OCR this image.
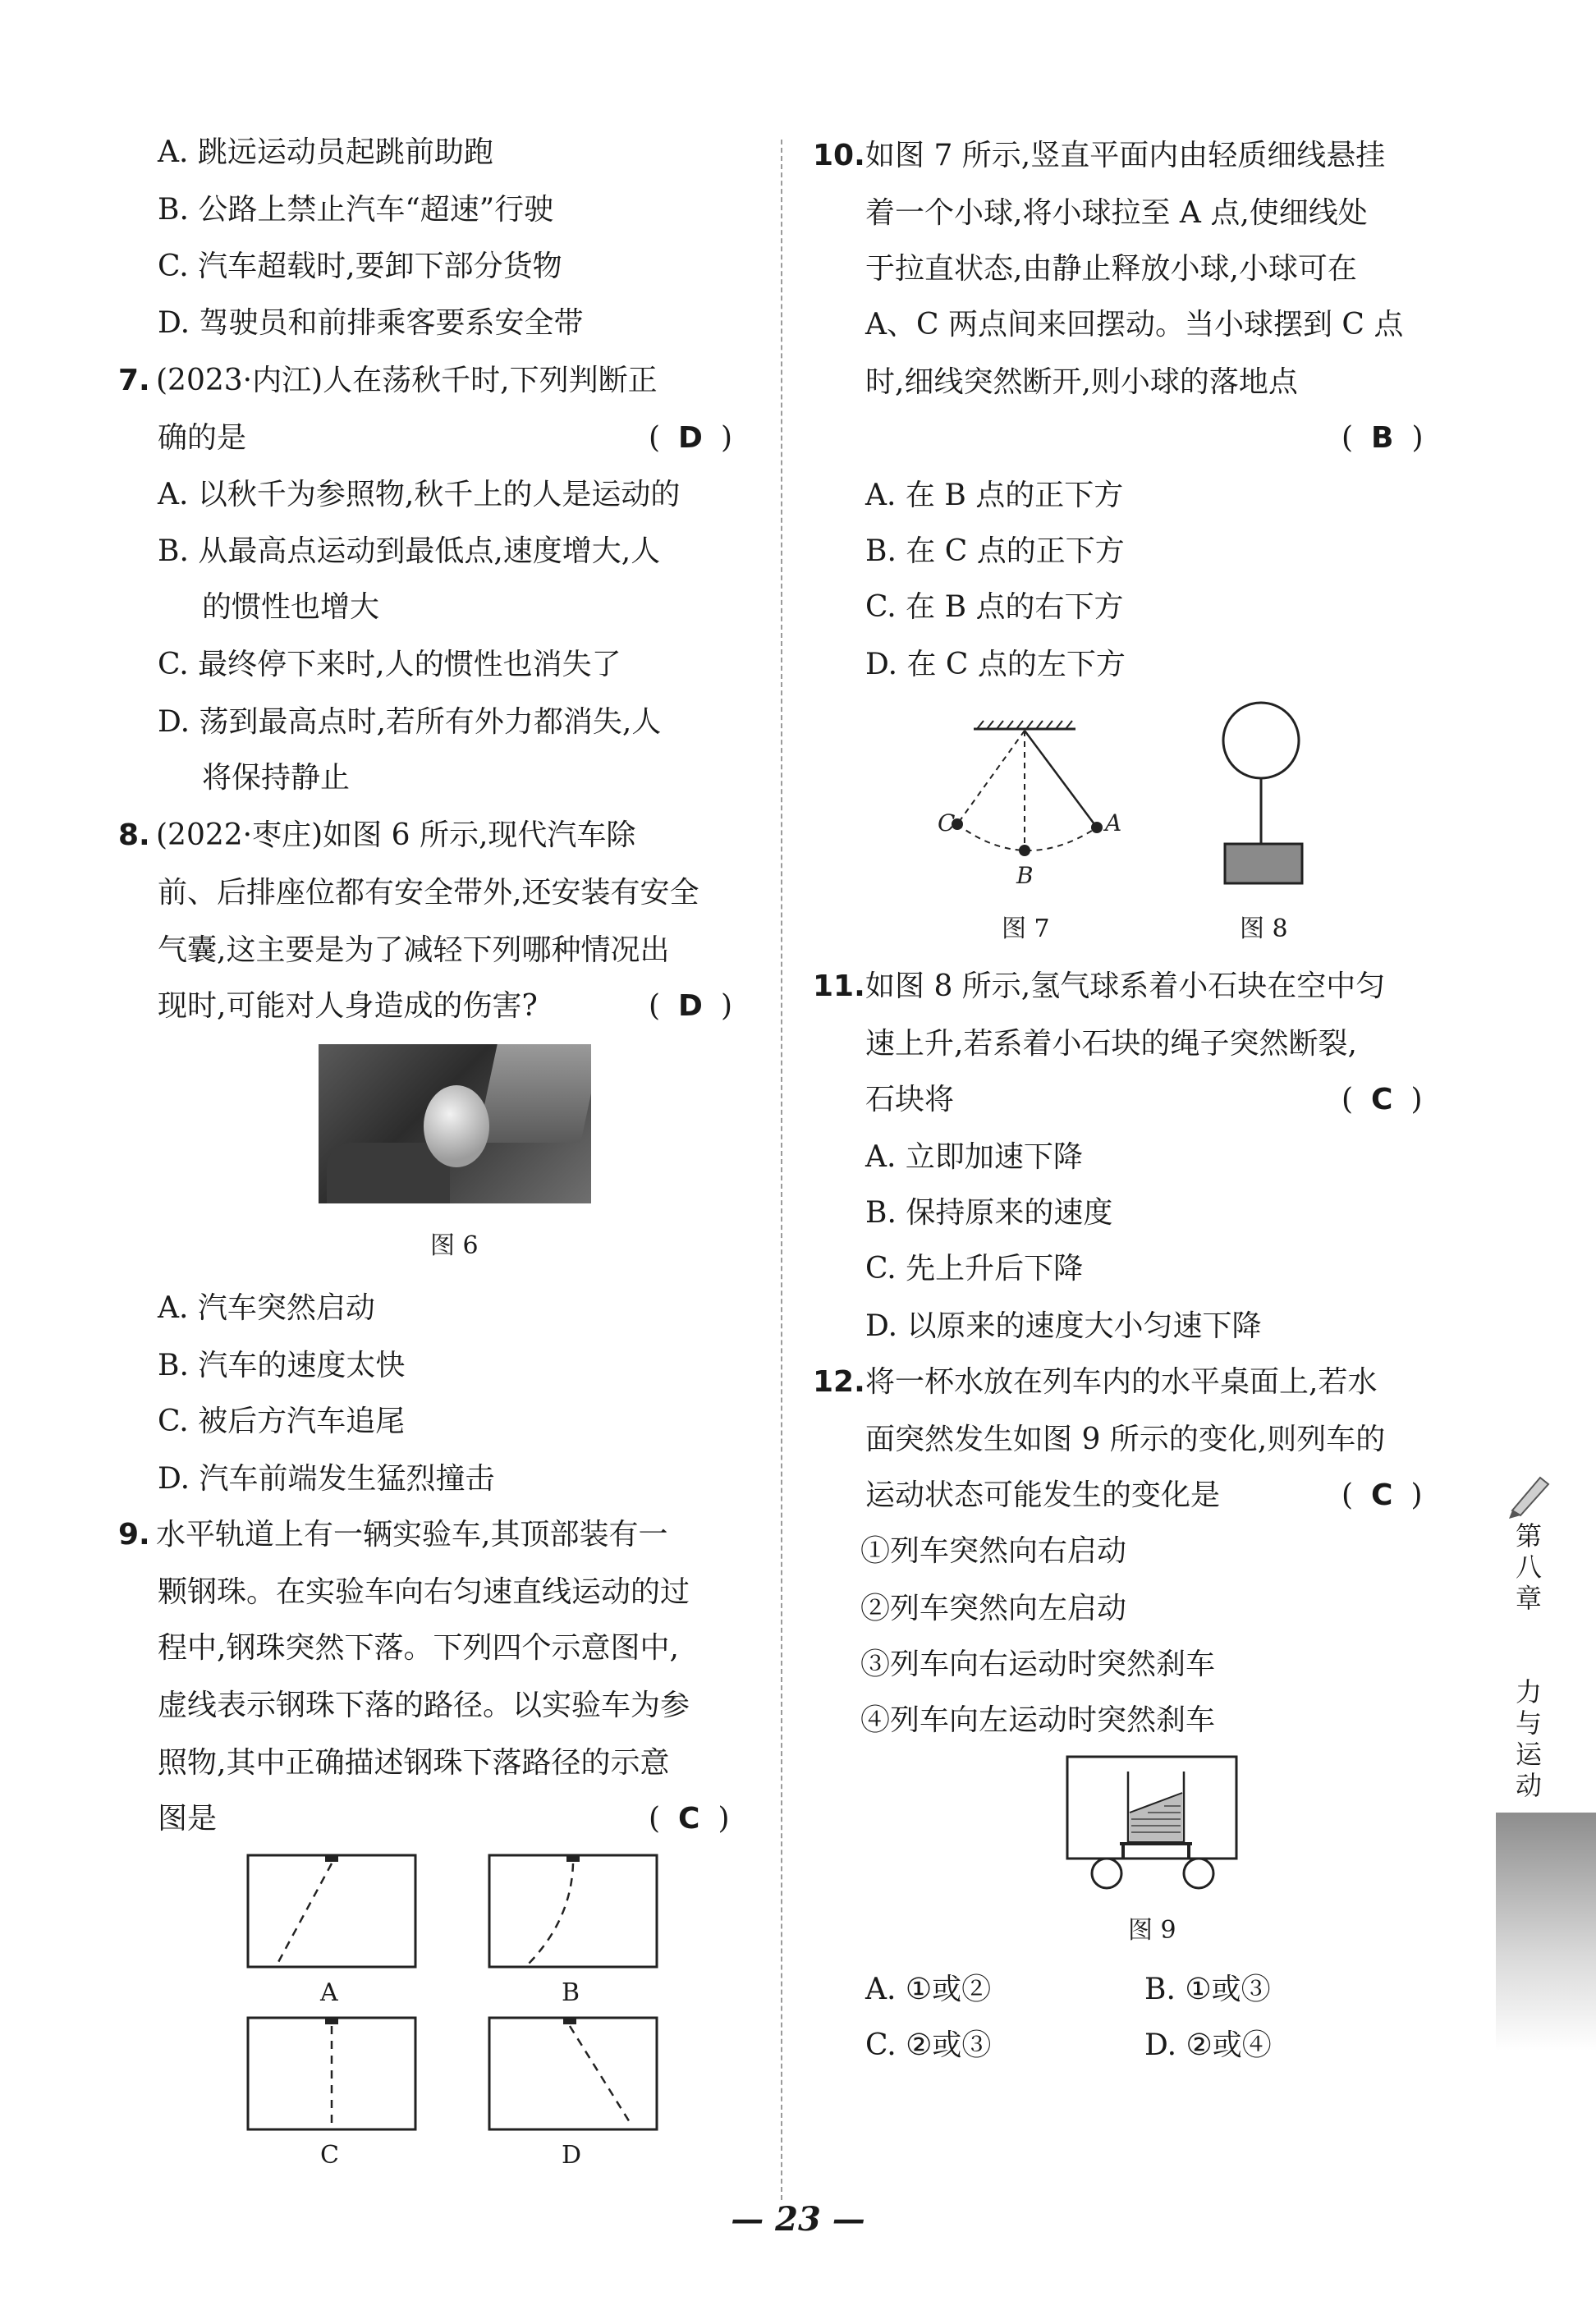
A. 跳远运动员起跳前助跑
B. 公路上禁止汽车“超速”行驶
C. 汽车超载时,要卸下部分货物
D. 驾驶员和前排乘客要系安全带
7. (2023·内江)人在荡秋千时,下列判断正
确的是	( D )
A. 以秋千为参照物,秋千上的人是运动的
B. 从最高点运动到最低点,速度增大,人
的惯性也增大
C. 最终停下来时,人的惯性也消失了
D. 荡到最高点时,若所有外力都消失,人
将保持静止
8. (2022·枣庄)如图 6 所示,现代汽车除
前、后排座位都有安全带外,还安装有安全
气囊,这主要是为了减轻下列哪种情况出
现时,可能对人身造成的伤害?	( D )
图 6
A. 汽车突然启动
B. 汽车的速度太快
C. 被后方汽车追尾
D. 汽车前端发生猛烈撞击
9. 水平轨道上有一辆实验车,其顶部装有一
颗钢珠。在实验车向右匀速直线运动的过
程中,钢珠突然下落。下列四个示意图中,
虚线表示钢珠下落的路径。以实验车为参
照物,其中正确描述钢珠下落路径的示意
图是	( C )
A	B
C	D
10. 如图 7 所示,竖直平面内由轻质细线悬挂
着一个小球,将小球拉至 A 点,使细线处
于拉直状态,由静止释放小球,小球可在
A、C 两点间来回摆动。当小球摆到 C 点
时,细线突然断开,则小球的落地点
( B )
A. 在 B 点的正下方
B. 在 C 点的正下方
C. 在 B 点的右下方
D. 在 C 点的左下方
C
B
A
图 7	图 8
11. 如图 8 所示,氢气球系着小石块在空中匀
速上升,若系着小石块的绳子突然断裂,
石块将	( C )
A. 立即加速下降
B. 保持原来的速度
C. 先上升后下降
D. 以原来的速度大小匀速下降
12. 将一杯水放在列车内的水平桌面上,若水
面突然发生如图 9 所示的变化,则列车的
运动状态可能发生的变化是	( C )
①列车突然向右启动
②列车突然向左启动
③列车向右运动时突然刹车
④列车向左运动时突然刹车
图 9
A. ①或②	B. ①或③
C. ②或③	D. ②或④
第八章
力与运动
— 23 —
